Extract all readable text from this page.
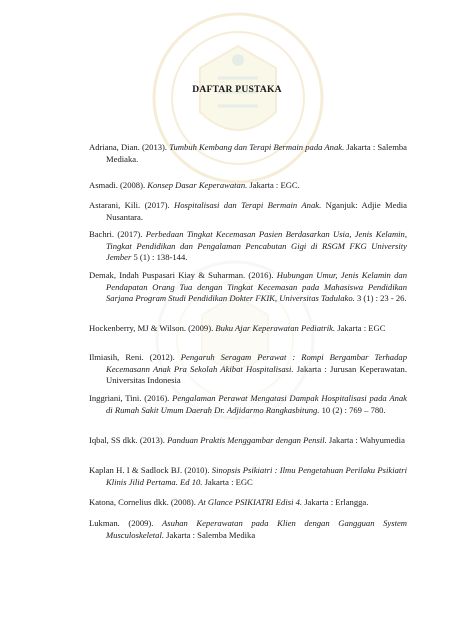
DAFTAR PUSTAKA
Adriana, Dian. (2013). Tumbuh Kembang dan Terapi Bermain pada Anak. Jakarta : Salemba Mediaka.
Asmadi. (2008). Konsep Dasar Keperawatan. Jakarta : EGC.
Astarani, Kili. (2017). Hospitalisasi dan Terapi Bermain Anak. Nganjuk: Adjie Media Nusantara.
Bachri. (2017). Perbedaan Tingkat Kecemasan Pasien Berdasarkan Usia, Jenis Kelamin, Tingkat Pendidikan dan Pengalaman Pencabutan Gigi di RSGM FKG University Jember 5 (1) : 138-144.
Demak, Indah Puspasari Kiay & Suharman. (2016). Hubungan Umur, Jenis Kelamin dan Pendapatan Orang Tua dengan Tingkat Kecemasan pada Mahasiswa Pendidikan Sarjana Program Studi Pendidikan Dokter FKIK, Universitas Tadulako. 3 (1) : 23 - 26.
Hockenberry, MJ & Wilson. (2009). Buku Ajar Keperawatan Pediatrik. Jakarta : EGC
Ilmiasih, Reni. (2012). Pengaruh Seragam Perawat : Rompi Bergambar Terhadap Kecemasann Anak Pra Sekolah Akibat Hospitalisasi. Jakarta : Jurusan Keperawatan. Universitas Indonesia
Inggriani, Tini. (2016). Pengalaman Perawat Mengatasi Dampak Hospitalisasi pada Anak di Rumah Sakit Umum Daerah Dr. Adjidarmo Rangkasbitung. 10 (2) : 769 – 780.
Iqbal, SS dkk. (2013). Panduan Praktis Menggambar dengan Pensil. Jakarta : Wahyumedia
Kaplan H. I & Sadlock BJ. (2010). Sinopsis Psikiatri : Ilmu Pengetahuan Perilaku Psikiatri Klinis Jilid Pertama. Ed 10. Jakarta : EGC
Katona, Cornelius dkk. (2008). At Glance PSIKIATRI Edisi 4. Jakarta : Erlangga.
Lukman. (2009). Asuhan Keperawatan pada Klien dengan Gangguan System Musculoskeletal. Jakarta : Salemba Medika
